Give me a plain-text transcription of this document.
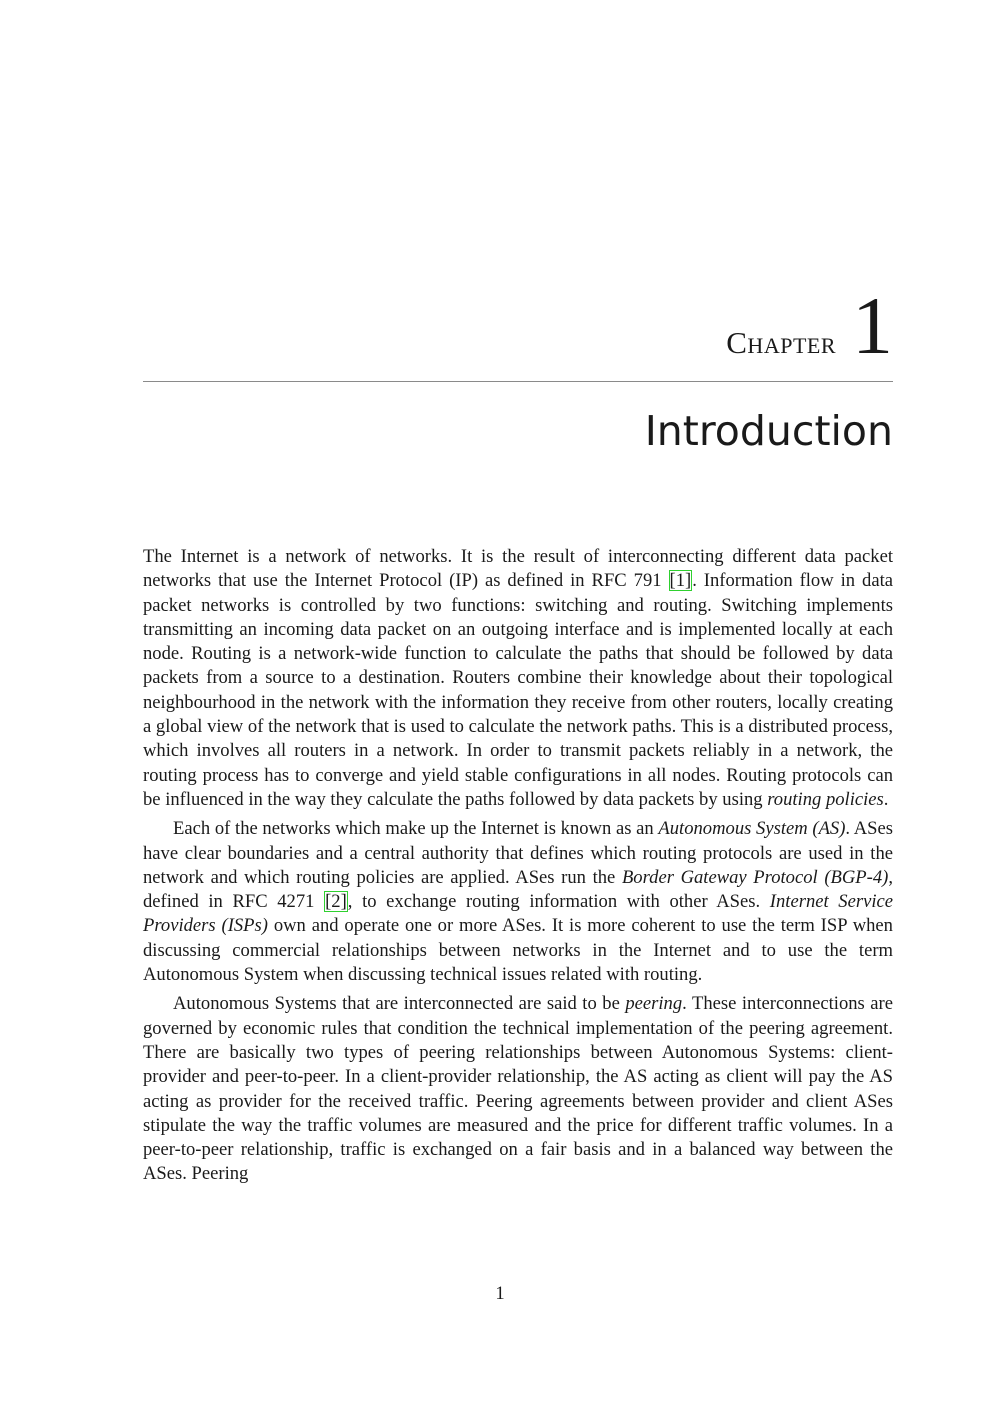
Chapter 1
Introduction

The Internet is a network of networks. It is the result of interconnecting different data packet networks that use the Internet Protocol (IP) as defined in RFC 791 [1]. Information flow in data packet networks is controlled by two functions: switching and routing. Switching implements transmitting an incoming data packet on an outgoing interface and is implemented locally at each node. Routing is a network-wide function to calculate the paths that should be followed by data packets from a source to a destination. Routers combine their knowledge about their topological neighbourhood in the network with the information they receive from other routers, locally creating a global view of the network that is used to calculate the network paths. This is a distributed process, which involves all routers in a network. In order to transmit packets reliably in a network, the routing process has to converge and yield stable configurations in all nodes. Routing protocols can be influenced in the way they calculate the paths followed by data packets by using routing policies.

Each of the networks which make up the Internet is known as an Autonomous System (AS). ASes have clear boundaries and a central authority that defines which routing protocols are used in the network and which routing policies are applied. ASes run the Border Gateway Protocol (BGP-4), defined in RFC 4271 [2], to exchange routing information with other ASes. Internet Service Providers (ISPs) own and operate one or more ASes. It is more coherent to use the term ISP when discussing commercial relationships between networks in the Internet and to use the term Autonomous System when discussing technical issues related with routing.

Autonomous Systems that are interconnected are said to be peering. These interconnections are governed by economic rules that condition the technical implementation of the peering agreement. There are basically two types of peering relationships between Autonomous Systems: client-provider and peer-to-peer. In a client-provider relationship, the AS acting as client will pay the AS acting as provider for the received traffic. Peering agreements between provider and client ASes stipulate the way the traffic volumes are measured and the price for different traffic volumes. In a peer-to-peer relationship, traffic is exchanged on a fair basis and in a balanced way between the ASes. Peering

1
